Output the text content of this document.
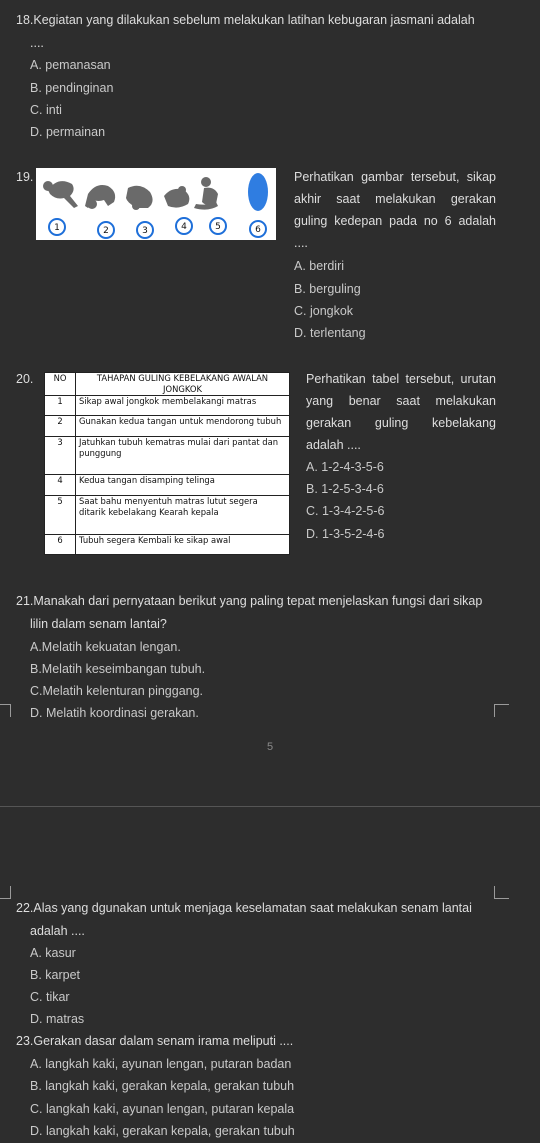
18.Kegiatan yang dilakukan sebelum melakukan latihan kebugaran jasmani adalah
....
A. pemanasan
B. pendinginan
C. inti
D. permainan
19.
1	2	3	4	5	6
Perhatikan gambar tersebut, sikap
akhir saat melakukan gerakan
guling kedepan pada no 6 adalah
....
A. berdiri
B. berguling
C. jongkok
D. terlentang
20. NO	TAHAPAN GULING KEBELAKANG AWALAN JONGKOK
1	Sikap awal jongkok membelakangi matras
2	Gunakan kedua tangan untuk mendorong tubuh
3	Jatuhkan tubuh kematras mulai dari pantat dan punggung
4	Kedua tangan disamping telinga
5	Saat bahu menyentuh matras lutut segera ditarik kebelakang Kearah kepala
6	Tubuh segera Kembali ke sikap awal
Perhatikan tabel tersebut, urutan
yang benar saat melakukan
gerakan guling kebelakang
adalah ....
A. 1-2-4-3-5-6
B. 1-2-5-3-4-6
C. 1-3-4-2-5-6
D. 1-3-5-2-4-6
21.Manakah dari pernyataan berikut yang paling tepat menjelaskan fungsi dari sikap
lilin dalam senam lantai?
A.Melatih kekuatan lengan.
B.Melatih keseimbangan tubuh.
C.Melatih kelenturan pinggang.
D. Melatih koordinasi gerakan.
5
22.Alas yang dgunakan untuk menjaga keselamatan saat melakukan senam lantai
adalah ....
A. kasur
B. karpet
C. tikar
D. matras
23.Gerakan dasar dalam senam irama meliputi ....
A. langkah kaki, ayunan lengan, putaran badan
B. langkah kaki, gerakan kepala, gerakan tubuh
C. langkah kaki, ayunan lengan, putaran kepala
D. langkah kaki, gerakan kepala, gerakan tubuh
